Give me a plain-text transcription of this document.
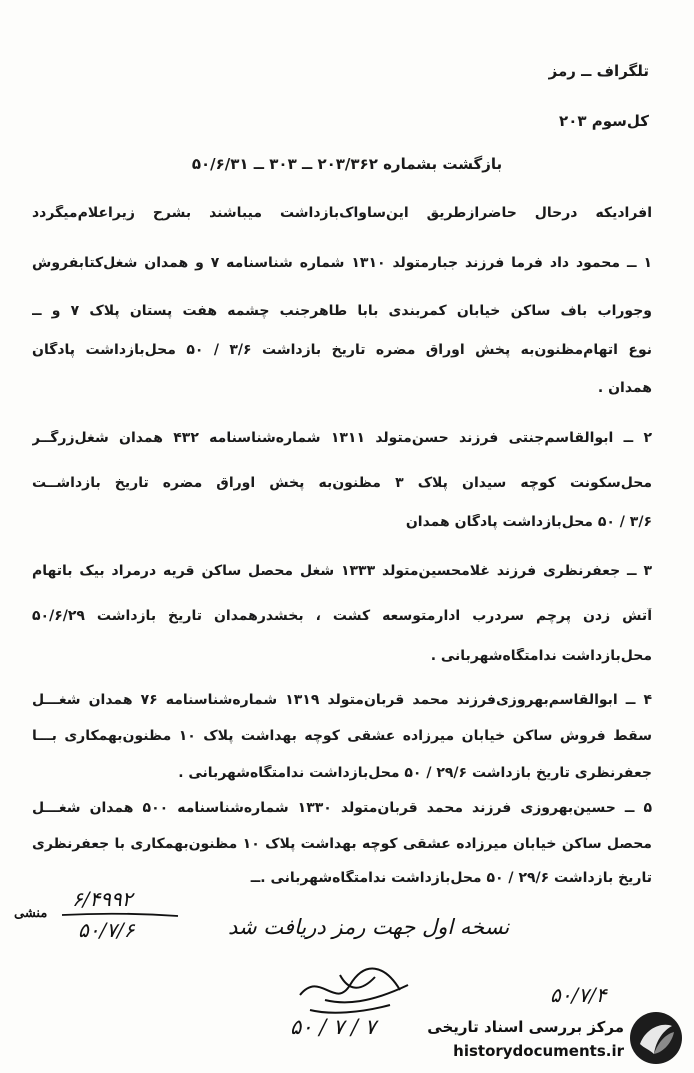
تلگراف ــ رمز
کل‌سوم ۲۰۳
بازگشت بشماره ۲۰۳/۳۶۲ ــ ۳۰۳ ــ ۵۰/۶/۳۱
افرادیکه درحال حاضرازطریق این‌ساواک‌بازداشت میباشند بشرح زیراعلام‌میگردد
۱ ــ محمود داد فرما فرزند جبارمتولد ۱۳۱۰ شماره شناسنامه ۷ و همدان شغل‌کتابفروش
وجوراب باف ساکن خیابان کمربندی بابا طاهرجنب چشمه هفت پستان پلاک ۷ و ــ
نوع اتهام‌مظنون‌به پخش اوراق مضره تاریخ بازداشت ۳/۶ / ۵۰ محل‌بازداشت پادگان
همدان .
۲ ــ ابوالقاسم‌جنتی فرزند حسن‌متولد ۱۳۱۱ شماره‌شناسنامه ۴۳۲ همدان شغل‌زرگــر
محل‌سکونت کوچه سیدان پلاک ۳ مظنون‌به پخش اوراق مضره تاریخ بازداشــت
۳/۶ / ۵۰ محل‌بازداشت پادگان همدان
۳ ــ جعفرنظری فرزند غلامحسین‌متولد ۱۳۳۳ شغل محصل ساکن قریه درمراد بیک باتهام
آتش زدن پرچم سردرب ادارمتوسعه کشت ، بخشدرهمدان تاریخ بازداشت ۵۰/۶/۲۹
محل‌بازداشت ندامتگاه‌شهربانی .
۴ ــ ابوالقاسم‌بهروزی‌فرزند محمد قربان‌متولد ۱۳۱۹ شماره‌شناسنامه ۷۶ همدان شغـــل
سقط فروش ساکن خیابان میرزاده عشقی کوچه بهداشت پلاک ۱۰ مظنون‌بهمکاری بـــا
جعفرنظری تاریخ بازداشت ۲۹/۶ / ۵۰ محل‌بازداشت ندامتگاه‌شهربانی .
۵ ــ حسین‌بهروزی فرزند محمد قربان‌متولد ۱۳۳۰ شماره‌شناسنامه ۵۰۰ همدان شغـــل
محصل ساکن خیابان میرزاده عشقی کوچه بهداشت پلاک ۱۰ مظنون‌بهمکاری با جعفرنظری
تاریخ بازداشت ۲۹/۶ / ۵۰ محل‌بازداشت ندامتگاه‌شهربانی .ــ
۶/۴۹۹۲
منشی
۵۰/۷/۶	نسخه اول جهت رمز دریافت شد
۵۰/۷/۴
۵۰ / ۷ / ۷	مرکز بررسی اسناد تاریخی
historydocuments.ir
